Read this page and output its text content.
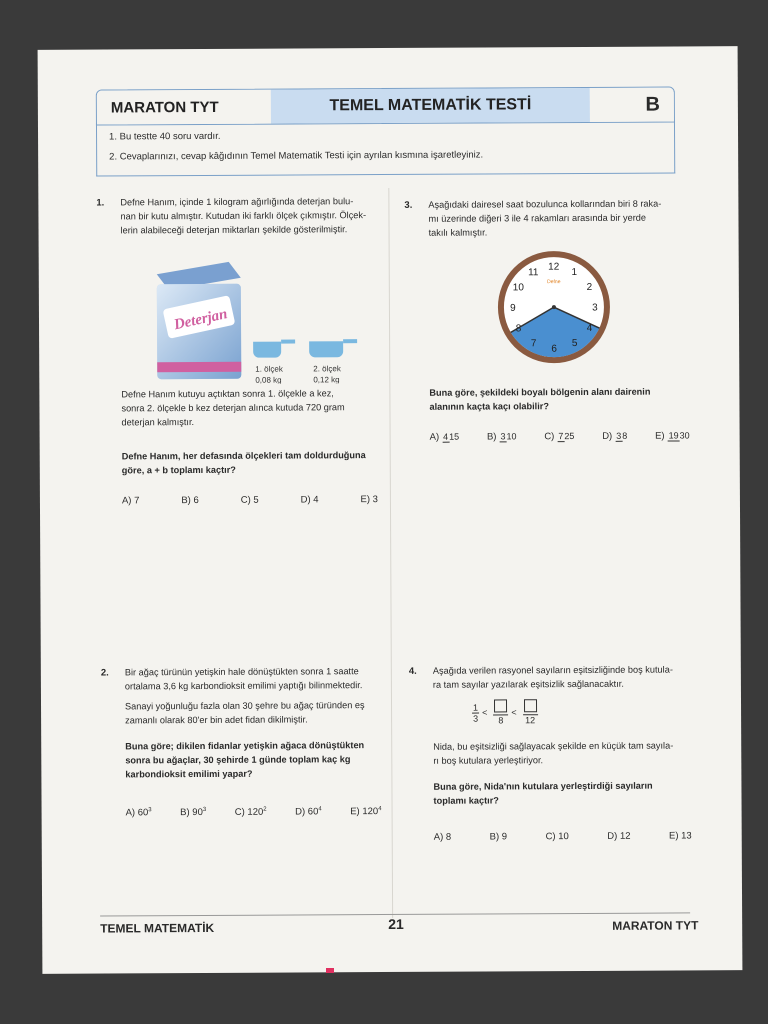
MARATON TYT	TEMEL MATEMATİK TESTİ	B
1. Bu testte 40 soru vardır.
2. Cevaplarınızı, cevap kâğıdının Temel Matematik Testi için ayrılan kısmına işaretleyiniz.
1. Defne Hanım, içinde 1 kilogram ağırlığında deterjan bulu-
nan bir kutu almıştır. Kutudan iki farklı ölçek çıkmıştır. Ölçek-
lerin alabileceği deterjan miktarları şekilde gösterilmiştir.
Deterjan
1. ölçek
0,08 kg
2. ölçek
0,12 kg
Defne Hanım kutuyu açtıktan sonra 1. ölçekle a kez,
sonra 2. ölçekle b kez deterjan alınca kutuda 720 gram
deterjan kalmıştır.
Defne Hanım, her defasında ölçekleri tam doldurduğuna
göre, a + b toplamı kaçtır?
A) 7	B) 6	C) 5	D) 4	E) 3
2. Bir ağaç türünün yetişkin hale dönüştükten sonra 1 saatte
ortalama 3,6 kg karbondioksit emilimi yaptığı bilinmektedir.
Sanayi yoğunluğu fazla olan 30 şehre bu ağaç türünden eş
zamanlı olarak 80'er bin adet fidan dikilmiştir.
Buna göre; dikilen fidanlar yetişkin ağaca dönüştükten
sonra bu ağaçlar, 30 şehirde 1 günde toplam kaç kg
karbondioksit emilimi yapar?
A) $60^3$	B) $90^3$	C) $120^2$	D) $60^4$	E) $120^4$
3. Aşağıdaki dairesel saat bozulunca kollarından biri 8 raka-
mı üzerinde diğeri 3 ile 4 rakamları arasında bir yerde
takılı kalmıştır.
12 1
2
3
4
5
6
7
8
9
10
11
Defne
Buna göre, şekildeki boyalı bölgenin alanı dairenin
alanının kaçta kaçı olabilir?
A) 415	B) 310	C) 725	D) 38	E) 1930
4. Aşağıda verilen rasyonel sayıların eşitsizliğinde boş kutula-
ra tam sayılar yazılarak eşitsizlik sağlanacaktır.
$\frac{1}{3}$ <
8
<
12
Nida, bu eşitsizliği sağlayacak şekilde en küçük tam sayıla-
rı boş kutulara yerleştiriyor.
Buna göre, Nida'nın kutulara yerleştirdiği sayıların
toplamı kaçtır?
A) 8	B) 9	C) 10	D) 12	E) 13
TEMEL MATEMATİK	21	MARATON TYT
